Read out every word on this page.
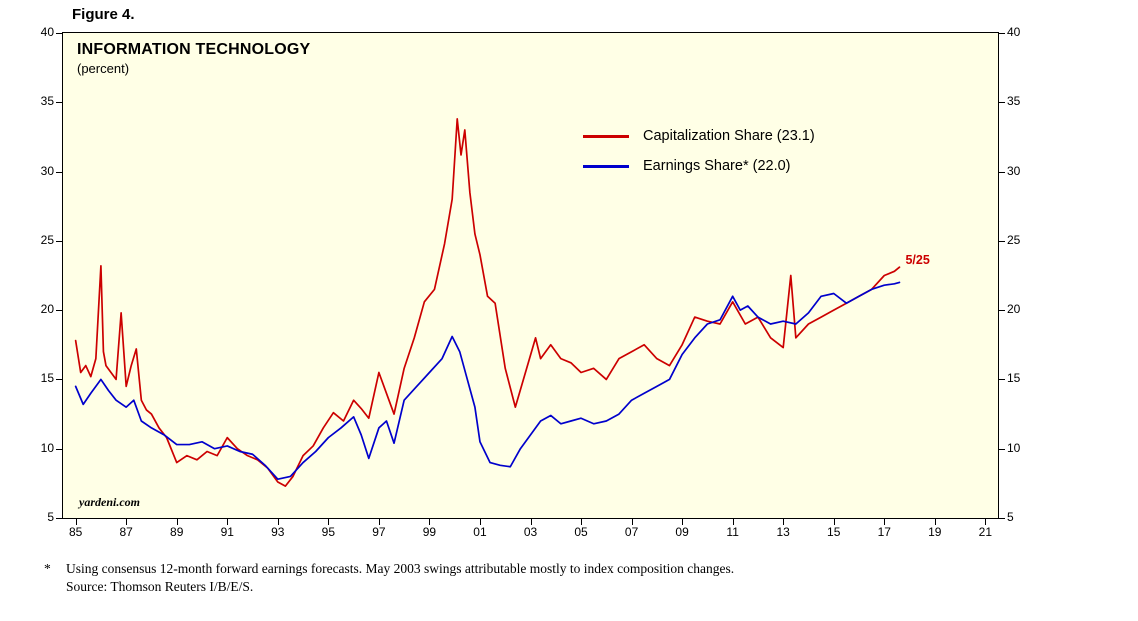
Figure 4.
INFORMATION TECHNOLOGY
(percent)
yardeni.com
Capitalization Share (23.1)
Earnings Share* (22.0)
5	5
10	10
15	15
20	20
25	25
30	30
35	35
40	40
85	87	89	91	93	95	97	99	01	03	05	07	09	11	13	15	17	19	21
5/25
* Using consensus 12-month forward earnings forecasts. May 2003 swings attributable mostly to index composition changes.
Source: Thomson Reuters I/B/E/S.
